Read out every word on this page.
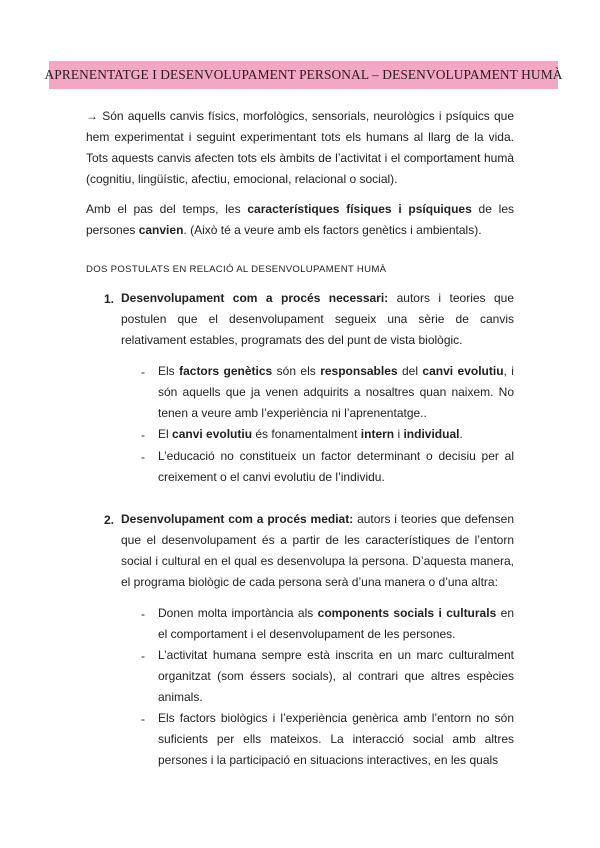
APRENENTATGE I DESENVOLUPAMENT PERSONAL – DESENVOLUPAMENT HUMÀ

→ Són aquells canvis físics, morfològics, sensorials, neurològics i psíquics que hem experimentat i seguint experimentant tots els humans al llarg de la vida. Tots aquests canvis afecten tots els àmbits de l’activitat i el comportament humà (cognitiu, lingüístic, afectiu, emocional, relacional o social).

Amb el pas del temps, les característiques físiques i psíquiques de les persones canvien. (Això té a veure amb els factors genètics i ambientals).

DOS POSTULATS EN RELACIÓ AL DESENVOLUPAMENT HUMÀ

1. Desenvolupament com a procés necessari: autors i teories que postulen que el desenvolupament segueix una sèrie de canvis relativament estables, programats des del punt de vista biològic.

- Els factors genètics són els responsables del canvi evolutiu, i són aquells que ja venen adquirits a nosaltres quan naixem. No tenen a veure amb l’experiència ni l’aprenentatge..

- El canvi evolutiu és fonamentalment intern i individual.

- L’educació no constitueix un factor determinant o decisiu per al creixement o el canvi evolutiu de l’individu.

2. Desenvolupament com a procés mediat: autors i teories que defensen que el desenvolupament és a partir de les característiques de l’entorn social i cultural en el qual es desenvolupa la persona. D’aquesta manera, el programa biològic de cada persona serà d’una manera o d’una altra:

- Donen molta importància als components socials i culturals en el comportament i el desenvolupament de les persones.

- L’activitat humana sempre està inscrita en un marc culturalment organitzat (som éssers socials), al contrari que altres espècies animals.

- Els factors biològics i l’experiència genèrica amb l’entorn no són suficients per ells mateixos. La interacció social amb altres persones i la participació en situacions interactives, en les quals
